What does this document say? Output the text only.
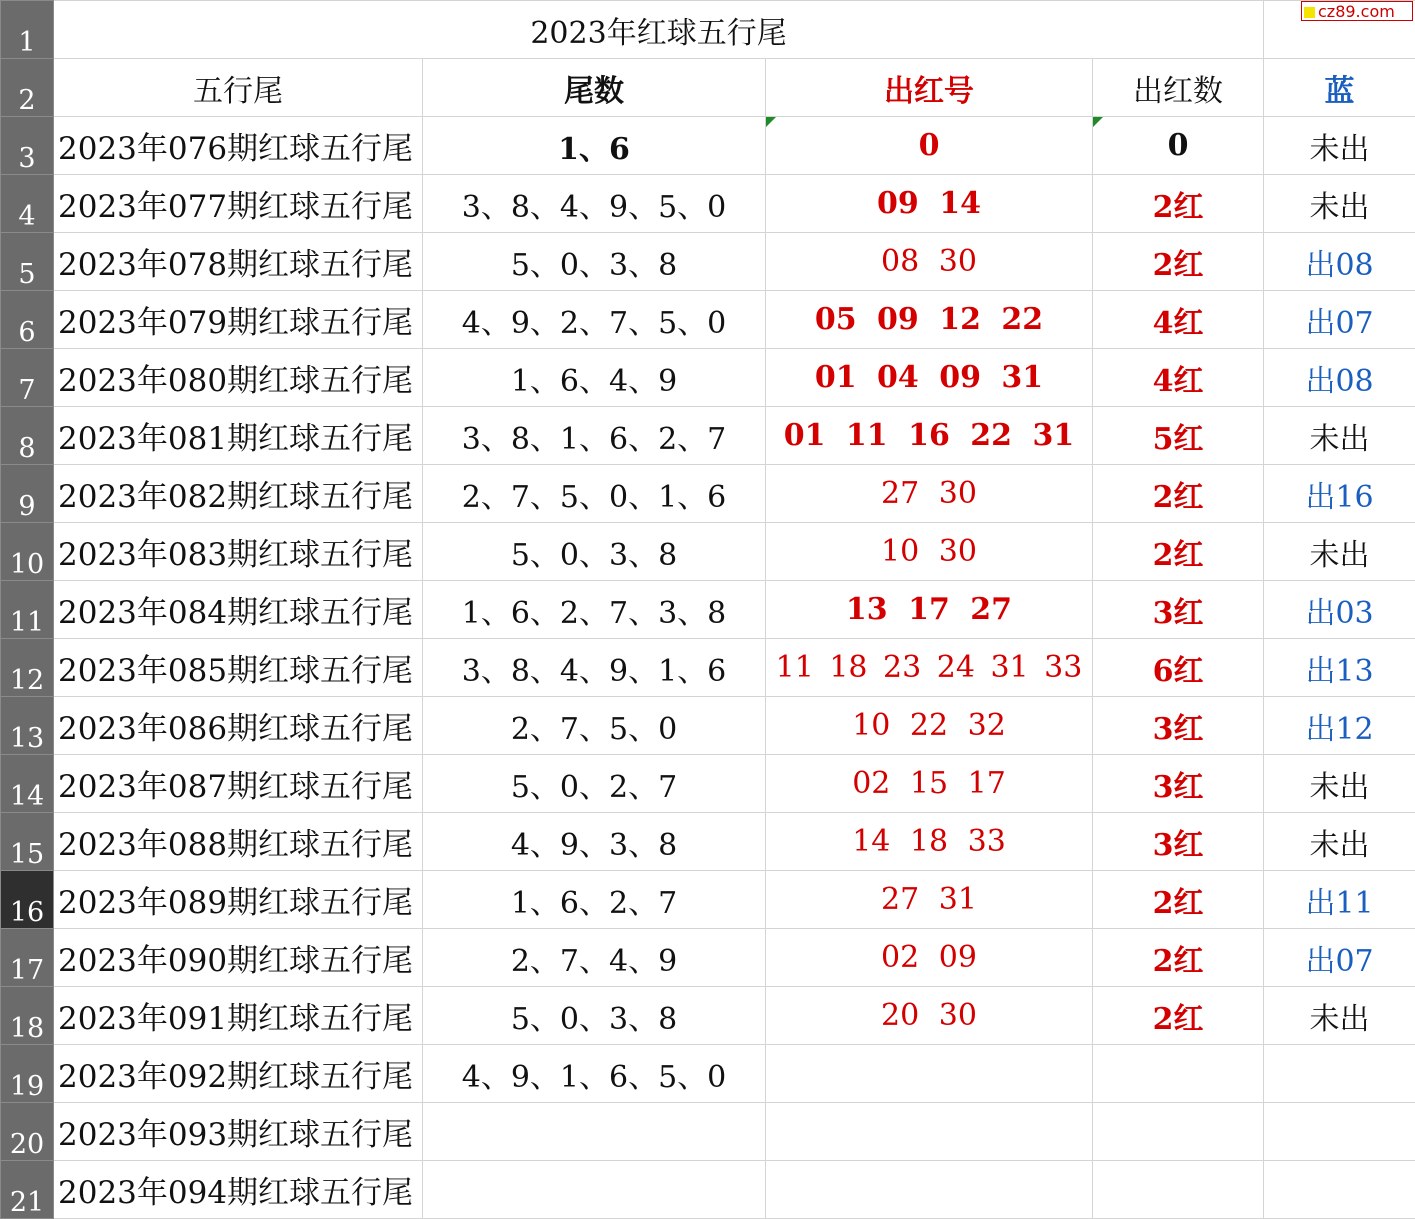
1	2023年红球五行尾				
2	五行尾	尾数	出红号	出红数	蓝
3	2023年076期红球五行尾	1、6	0	0	未出
4	2023年077期红球五行尾	3、8、4、9、5、0	09 14	2红	未出
5	2023年078期红球五行尾	5、0、3、8	08 30	2红	出08
6	2023年079期红球五行尾	4、9、2、7、5、0	05 09 12 22	4红	出07
7	2023年080期红球五行尾	1、6、4、9	01 04 09 31	4红	出08
8	2023年081期红球五行尾	3、8、1、6、2、7	01 11 16 22 31	5红	未出
9	2023年082期红球五行尾	2、7、5、0、1、6	27 30	2红	出16
10	2023年083期红球五行尾	5、0、3、8	10 30	2红	未出
11	2023年084期红球五行尾	1、6、2、7、3、8	13 17 27	3红	出03
12	2023年085期红球五行尾	3、8、4、9、1、6	11 18 23 24 31 33	6红	出13
13	2023年086期红球五行尾	2、7、5、0	10 22 32	3红	出12
14	2023年087期红球五行尾	5、0、2、7	02 15 17	3红	未出
15	2023年088期红球五行尾	4、9、3、8	14 18 33	3红	未出
16	2023年089期红球五行尾	1、6、2、7	27 31	2红	出11
17	2023年090期红球五行尾	2、7、4、9	02 09	2红	出07
18	2023年091期红球五行尾	5、0、3、8	20 30	2红	未出
19	2023年092期红球五行尾	4、9、1、6、5、0			
20	2023年093期红球五行尾				
21	2023年094期红球五行尾				
cz89.com
